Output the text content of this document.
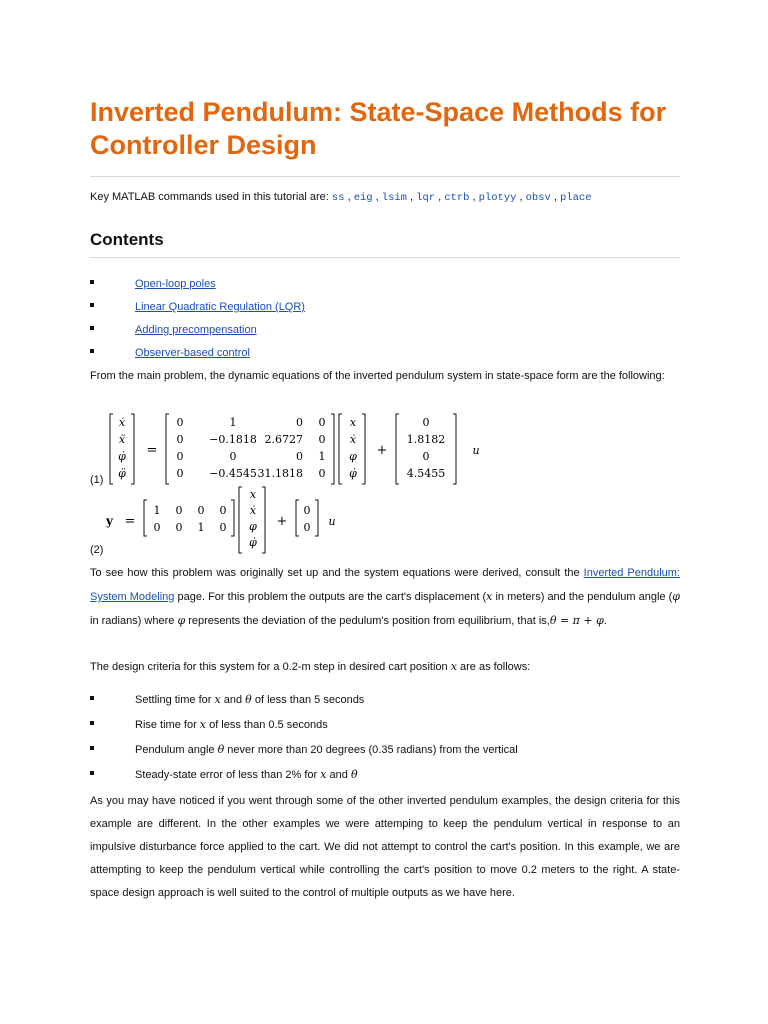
Inverted Pendulum: State-Space Methods for Controller Design
Key MATLAB commands used in this tutorial are: ss , eig , lsim , lqr , ctrb , plotyy , obsv , place
Contents
Open-loop poles
Linear Quadratic Regulation (LQR)
Adding precompensation
Observer-based control
From the main problem, the dynamic equations of the inverted pendulum system in state-space form are the following:
ẋ
ẍ
φ̇
φ̈
=
0
0
0
0
1
−0.1818
0
−0.4545
0
2.6727
0
31.1818
0
0
1
0
x
ẋ
φ
φ̇
+
0
1.8182
0
4.5455
u
(1)
y =
1 0 0 0
0 0 1 0
x
ẋ
φ
φ̇
+
0
0 u
(2)
To see how this problem was originally set up and the system equations were derived, consult the Inverted Pendulum: System Modeling page. For this problem the outputs are the cart's displacement (x in meters) and the pendulum angle (φ in radians) where φ represents the deviation of the pedulum's position from equilibrium, that is,θ = π + φ.
The design criteria for this system for a 0.2-m step in desired cart position x are as follows:
Settling time for x and θ of less than 5 seconds
Rise time for x of less than 0.5 seconds
Pendulum angle θ never more than 20 degrees (0.35 radians) from the vertical
Steady-state error of less than 2% for x and θ
As you may have noticed if you went through some of the other inverted pendulum examples, the design criteria for this example are different. In the other examples we were attemping to keep the pendulum vertical in response to an impulsive disturbance force applied to the cart. We did not attempt to control the cart's position. In this example, we are attempting to keep the pendulum vertical while controlling the cart's position to move 0.2 meters to the right. A state-space design approach is well suited to the control of multiple outputs as we have here.
